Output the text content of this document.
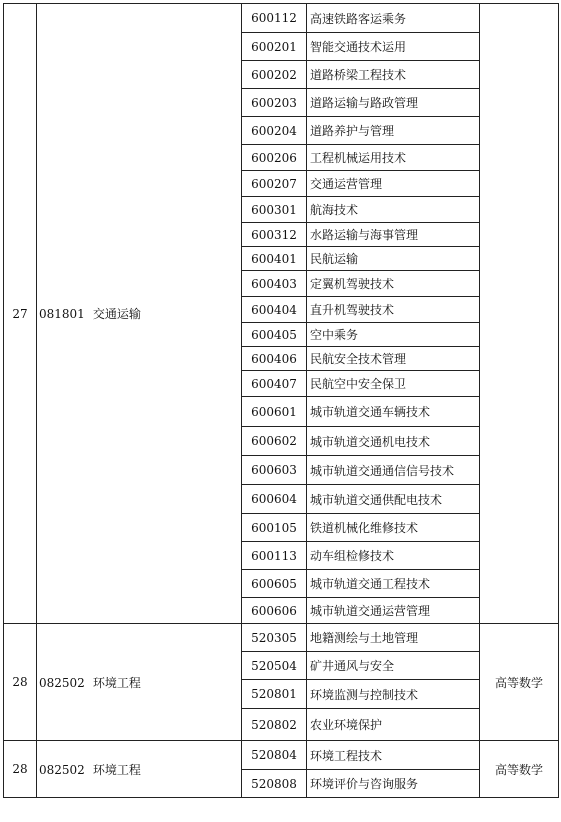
27	081801 交通运输	600112	高速铁路客运乘务	
		600201	智能交通技术运用	
		600202	道路桥梁工程技术	
		600203	道路运输与路政管理	
		600204	道路养护与管理	
		600206	工程机械运用技术	
		600207	交通运营管理	
		600301	航海技术	
		600312	水路运输与海事管理	
		600401	民航运输	
		600403	定翼机驾驶技术	
		600404	直升机驾驶技术	
		600405	空中乘务	
		600406	民航安全技术管理	
		600407	民航空中安全保卫	
		600601	城市轨道交通车辆技术	
		600602	城市轨道交通机电技术	
		600603	城市轨道交通通信信号技术	
		600604	城市轨道交通供配电技术	
		600105	铁道机械化维修技术	
		600113	动车组检修技术	
		600605	城市轨道交通工程技术	
		600606	城市轨道交通运营管理	
28	082502 环境工程	520305	地籍测绘与土地管理	高等数学
		520504	矿井通风与安全	
		520801	环境监测与控制技术	
		520802	农业环境保护	
28	082502 环境工程	520804	环境工程技术	高等数学
		520808	环境评价与咨询服务	
